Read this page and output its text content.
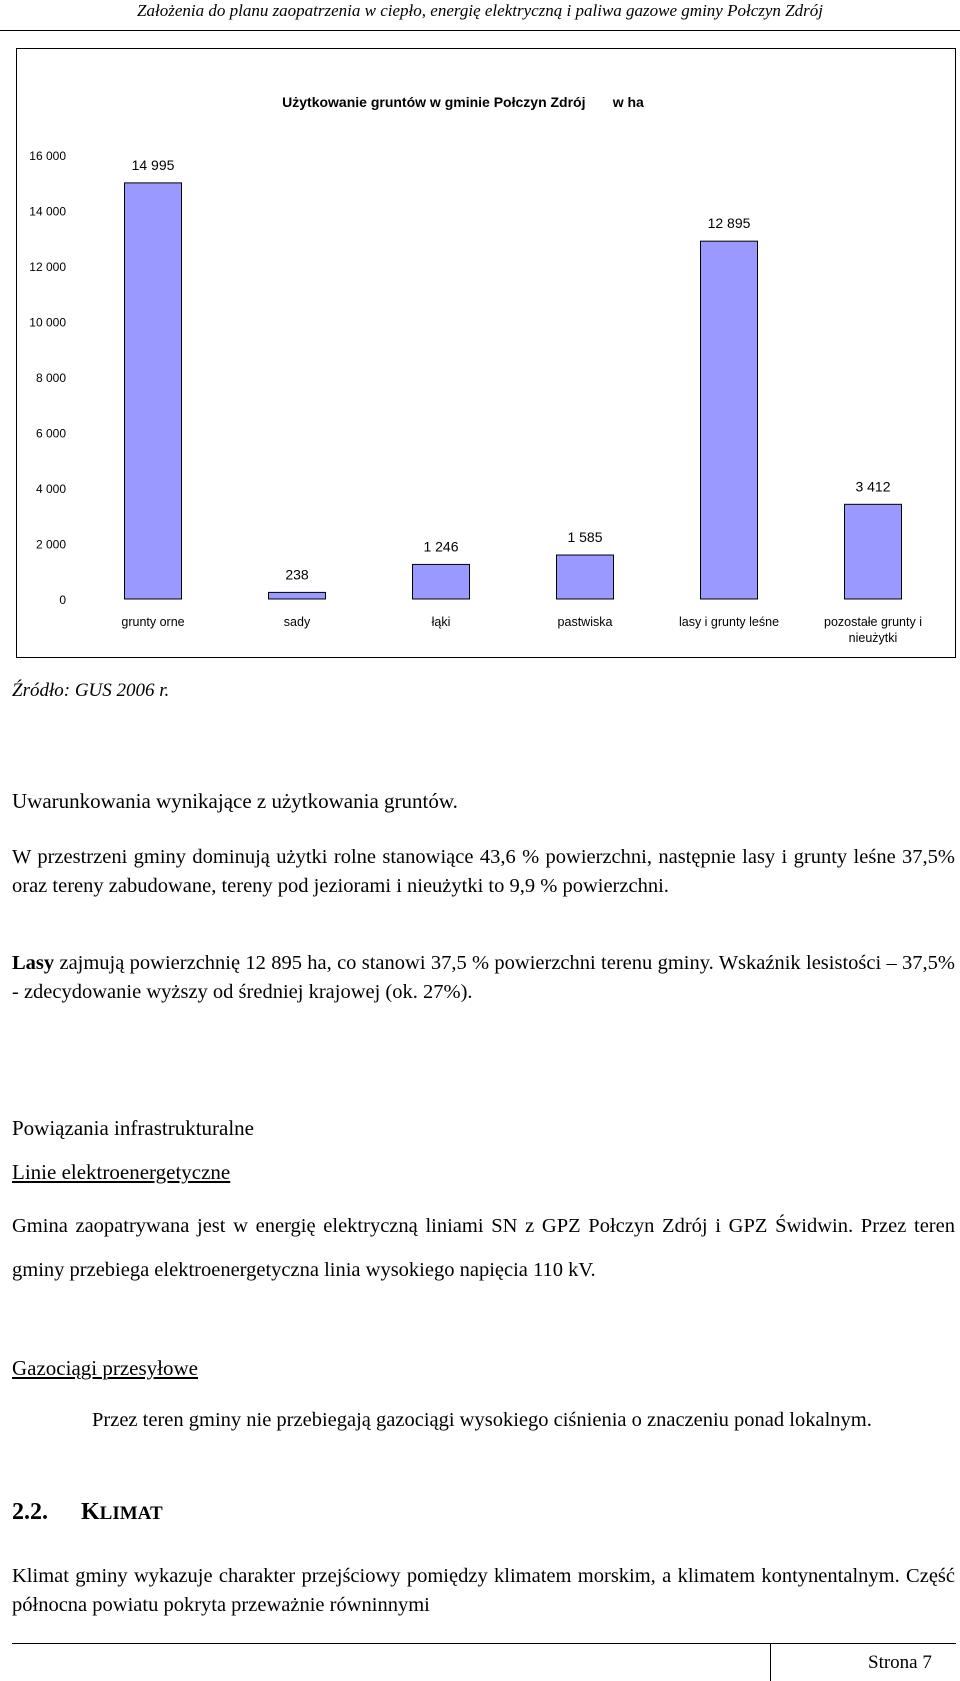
Założenia do planu zaopatrzenia w ciepło, energię elektryczną i paliwa gazowe gminy Połczyn Zdrój
Użytkowanie gruntów w gminie Połczyn Zdrój       w ha
0
2 000
4 000
6 000
8 000
10 000
12 000
14 000
16 000
14 995
grunty orne
238
sady
1 246
łąki
1 585
pastwiska
12 895
lasy i grunty leśne
3 412
pozostałe grunty i
nieużytki
Źródło: GUS 2006 r.
Uwarunkowania wynikające z użytkowania gruntów.
W przestrzeni gminy dominują użytki rolne stanowiące 43,6 % powierzchni, następnie lasy i grunty leśne 37,5% oraz tereny zabudowane, tereny pod jeziorami i nieużytki to 9,9 % powierzchni.
Lasy zajmują powierzchnię 12 895 ha, co stanowi 37,5 % powierzchni terenu gminy. Wskaźnik lesistości – 37,5% - zdecydowanie wyższy od średniej krajowej (ok. 27%).
Powiązania infrastrukturalne
Linie elektroenergetyczne
Gmina zaopatrywana jest w energię elektryczną liniami SN z GPZ Połczyn Zdrój i GPZ Świdwin. Przez teren gminy przebiega elektroenergetyczna linia wysokiego napięcia 110 kV.
Gazociągi przesyłowe
Przez teren gminy nie przebiegają gazociągi wysokiego ciśnienia o znaczeniu ponad lokalnym.
2.2. KLIMAT
Klimat gminy wykazuje charakter przejściowy pomiędzy klimatem morskim, a klimatem kontynentalnym. Część północna powiatu pokryta przeważnie równinnymi
Strona 7
